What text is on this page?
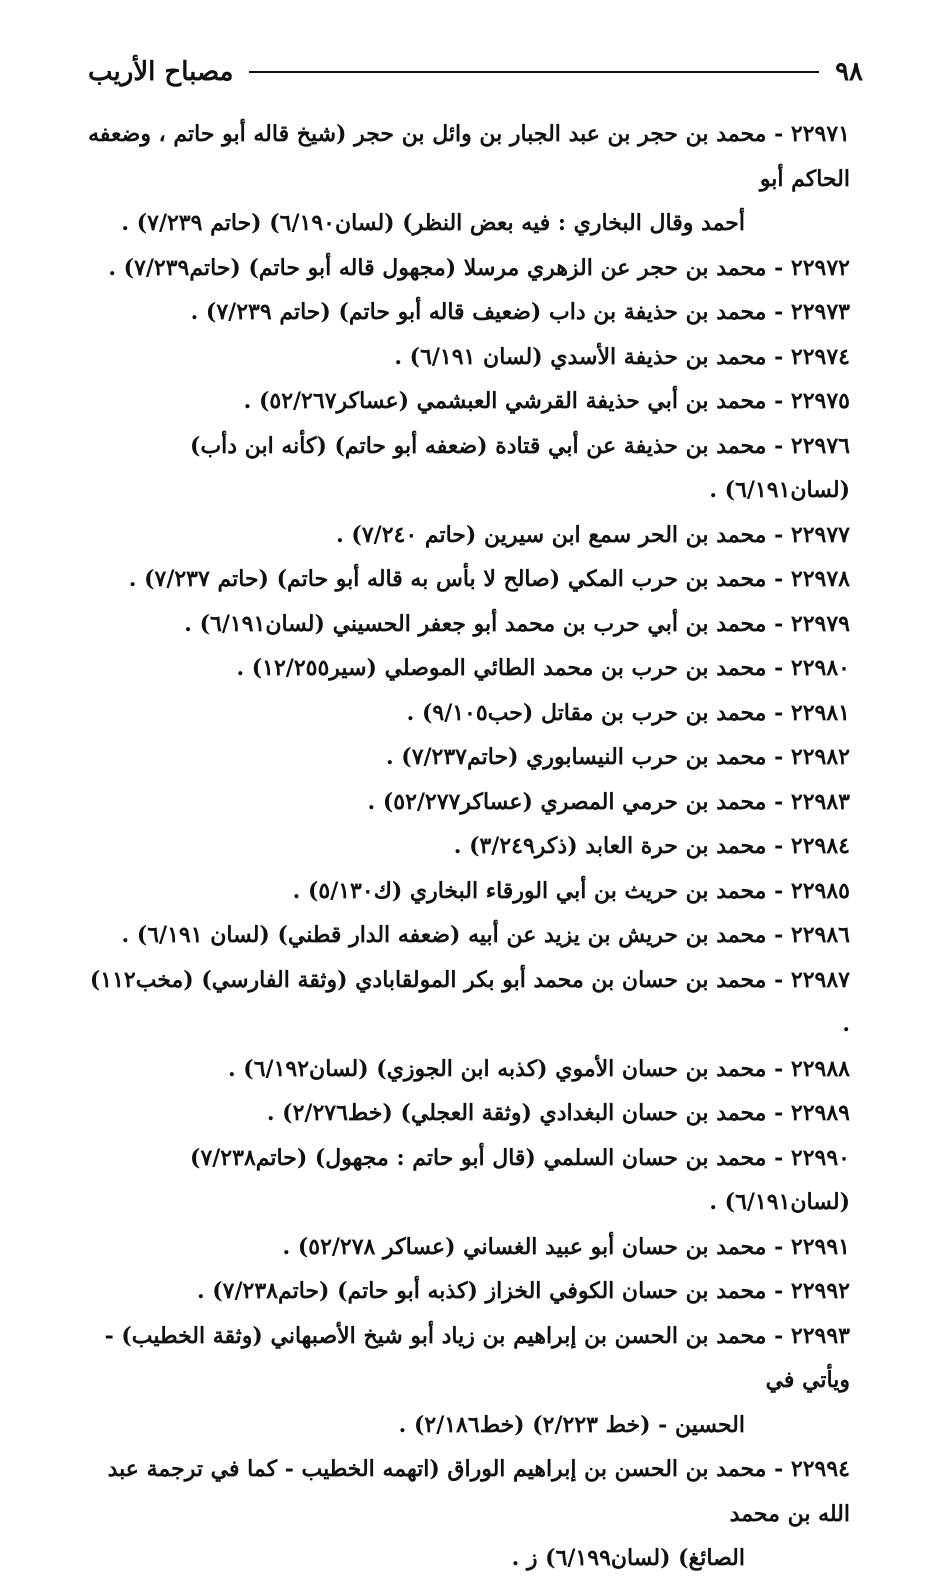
٩٨
مصباح الأريب
٢٢٩٧١ - محمد بن حجر بن عبد الجبار بن وائل بن حجر (شيخ قاله أبو حاتم ، وضعفه الحاكم أبو
أحمد وقال البخاري : فيه بعض النظر) (لسان٦/١٩٠) (حاتم ٧/٢٣٩) .
٢٢٩٧٢ - محمد بن حجر عن الزهري مرسلا (مجهول قاله أبو حاتم) (حاتم٧/٢٣٩) .
٢٢٩٧٣ - محمد بن حذيفة بن داب (ضعيف قاله أبو حاتم) (حاتم ٧/٢٣٩) .
٢٢٩٧٤ - محمد بن حذيفة الأسدي (لسان ٦/١٩١) .
٢٢٩٧٥ - محمد بن أبي حذيفة القرشي العبشمي (عساكر٥٢/٢٦٧) .
٢٢٩٧٦ - محمد بن حذيفة عن أبي قتادة (ضعفه أبو حاتم) (كأنه ابن دأب) (لسان٦/١٩١) .
٢٢٩٧٧ - محمد بن الحر سمع ابن سيرين (حاتم ٧/٢٤٠) .
٢٢٩٧٨ - محمد بن حرب المكي (صالح لا بأس به قاله أبو حاتم) (حاتم ٧/٢٣٧) .
٢٢٩٧٩ - محمد بن أبي حرب بن محمد أبو جعفر الحسيني (لسان٦/١٩١) .
٢٢٩٨٠ - محمد بن حرب بن محمد الطائي الموصلي (سير١٢/٢٥٥) .
٢٢٩٨١ - محمد بن حرب بن مقاتل (حب٩/١٠٥) .
٢٢٩٨٢ - محمد بن حرب النيسابوري (حاتم٧/٢٣٧) .
٢٢٩٨٣ - محمد بن حرمي المصري (عساكر٥٢/٢٧٧) .
٢٢٩٨٤ - محمد بن حرة العابد (ذكر٣/٢٤٩) .
٢٢٩٨٥ - محمد بن حريث بن أبي الورقاء البخاري (ك٥/١٣٠) .
٢٢٩٨٦ - محمد بن حريش بن يزيد عن أبيه (ضعفه الدار قطني) (لسان ٦/١٩١) .
٢٢٩٨٧ - محمد بن حسان بن محمد أبو بكر المولقابادي (وثقة الفارسي) (مخب١١٢) .
٢٢٩٨٨ - محمد بن حسان الأموي (كذبه ابن الجوزي) (لسان٦/١٩٢) .
٢٢٩٨٩ - محمد بن حسان البغدادي (وثقة العجلي) (خط٢/٢٧٦) .
٢٢٩٩٠ - محمد بن حسان السلمي (قال أبو حاتم : مجهول) (حاتم٧/٢٣٨) (لسان٦/١٩١) .
٢٢٩٩١ - محمد بن حسان أبو عبيد الغساني (عساكر ٥٢/٢٧٨) .
٢٢٩٩٢ - محمد بن حسان الكوفي الخزاز (كذبه أبو حاتم) (حاتم٧/٢٣٨) .
٢٢٩٩٣ - محمد بن الحسن بن إبراهيم بن زياد أبو شيخ الأصبهاني (وثقة الخطيب) - ويأتي في
الحسين - (خط ٢/٢٢٣) (خط٢/١٨٦) .
٢٢٩٩٤ - محمد بن الحسن بن إبراهيم الوراق (اتهمه الخطيب - كما في ترجمة عبد الله بن محمد
الصائغ) (لسان٦/١٩٩) ز .
